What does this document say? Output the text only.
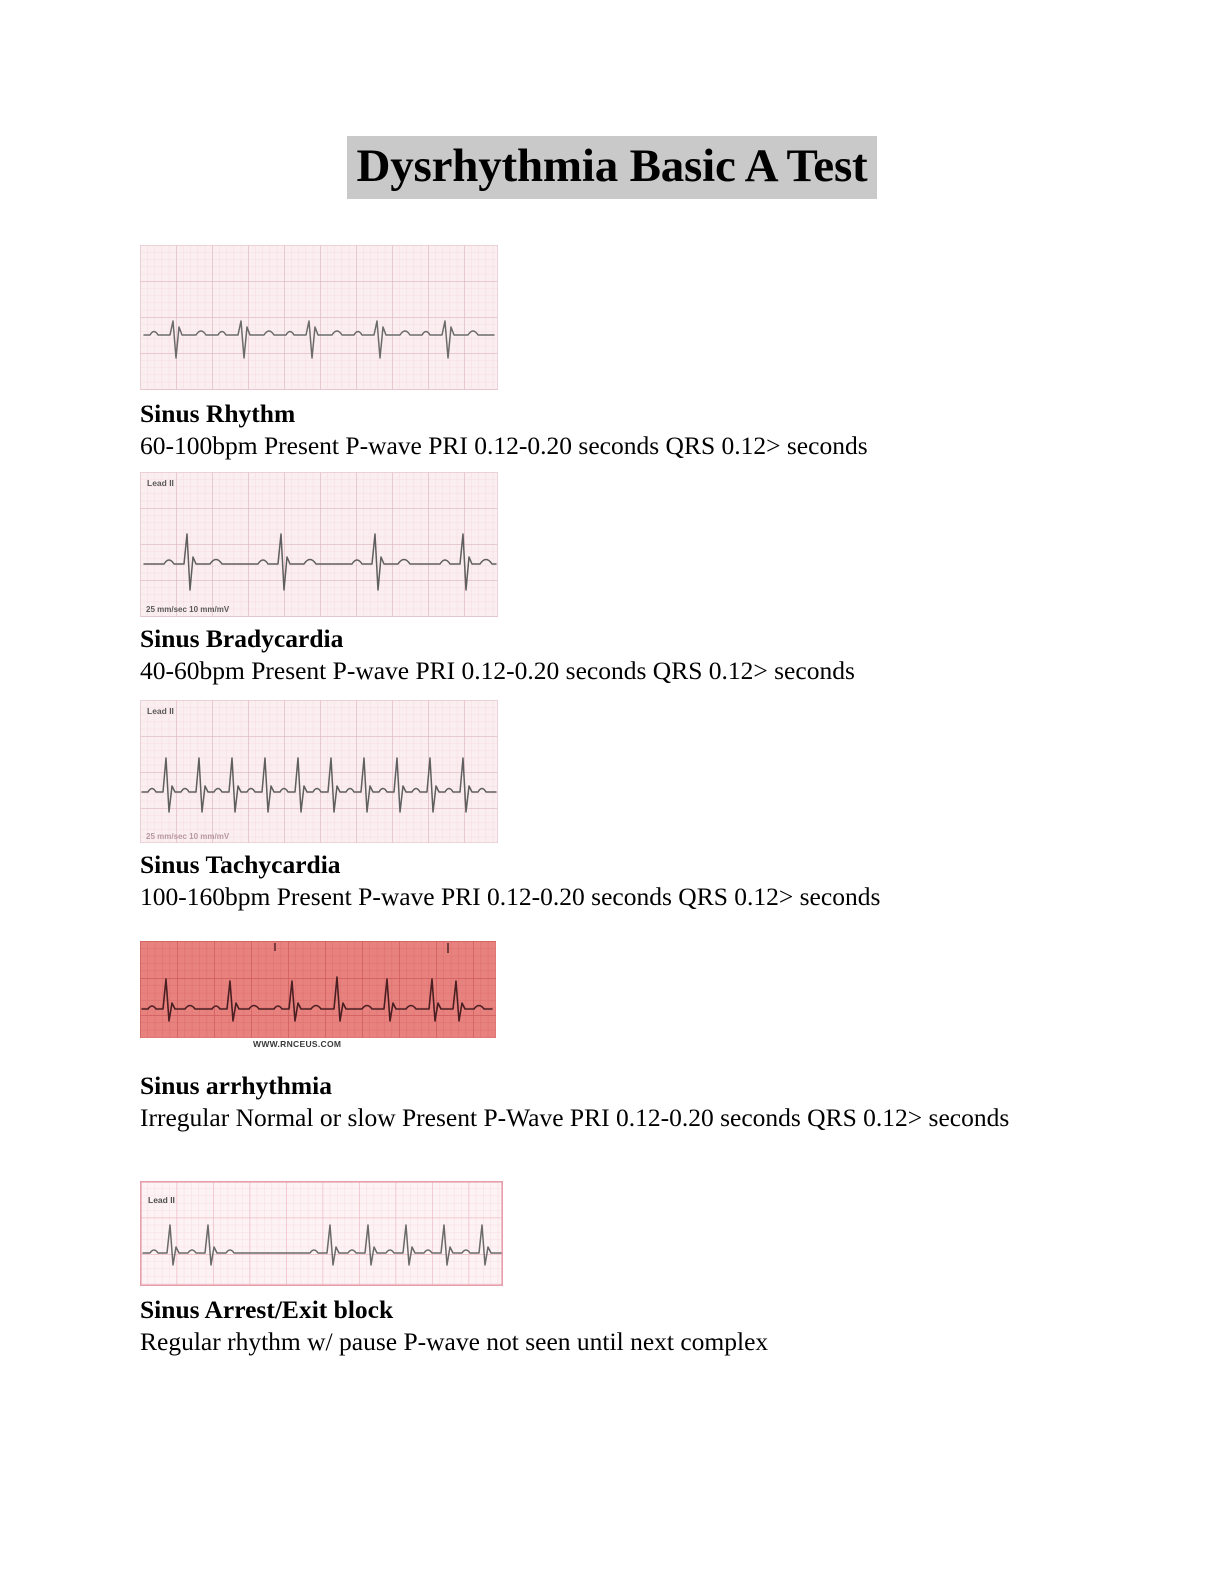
Dysrhythmia Basic A Test
Sinus Rhythm
60-100bpm Present P-wave PRI 0.12-0.20 seconds QRS 0.12> seconds
Lead II
25 mm/sec 10 mm/mV
Sinus Bradycardia
40-60bpm Present P-wave PRI 0.12-0.20 seconds QRS 0.12> seconds
Lead II
25 mm/sec 10 mm/mV
Sinus Tachycardia
100-160bpm Present P-wave PRI 0.12-0.20 seconds QRS 0.12> seconds
WWW.RNCEUS.COM
Sinus arrhythmia
Irregular Normal or slow Present P-Wave PRI 0.12-0.20 seconds QRS 0.12> seconds
Lead II
Sinus Arrest/Exit block
Regular rhythm w/ pause P-wave not seen until next complex
